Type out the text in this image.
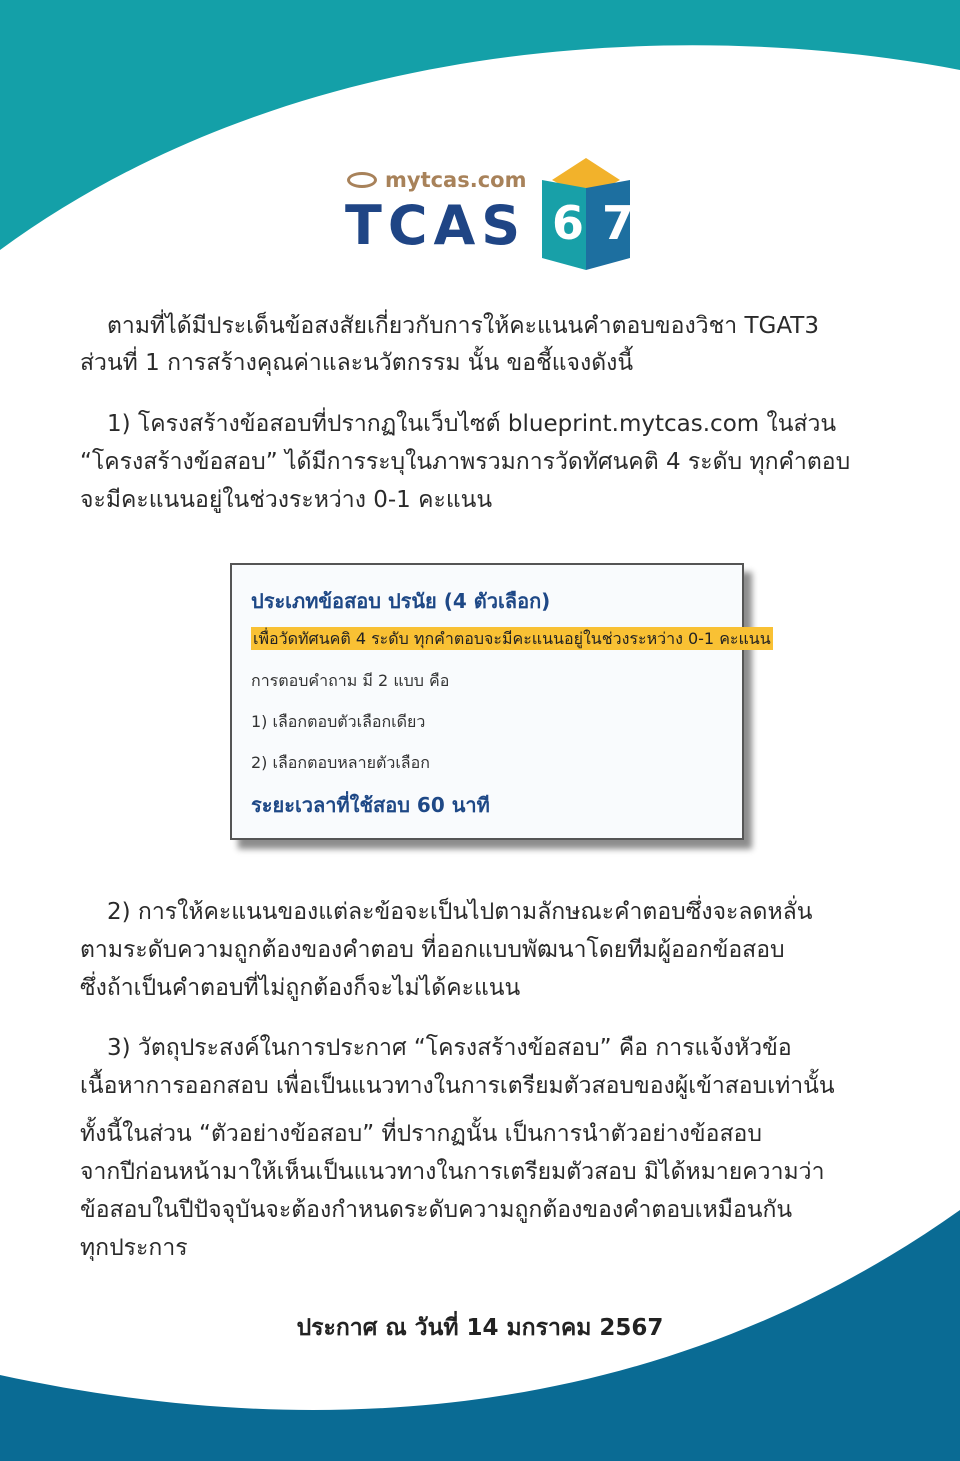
mytcas.com
TCAS 67
ตามที่ได้มีประเด็นข้อสงสัยเกี่ยวกับการให้คะแนนคำตอบของวิชา TGAT3
ส่วนที่ 1 การสร้างคุณค่าและนวัตกรรม นั้น ขอชี้แจงดังนี้
1) โครงสร้างข้อสอบที่ปรากฏในเว็บไซต์ blueprint.mytcas.com ในส่วน
“โครงสร้างข้อสอบ” ได้มีการระบุในภาพรวมการวัดทัศนคติ 4 ระดับ ทุกคำตอบ
จะมีคะแนนอยู่ในช่วงระหว่าง 0-1 คะแนน
ประเภทข้อสอบ ปรนัย (4 ตัวเลือก)
เพื่อวัดทัศนคติ 4 ระดับ ทุกคำตอบจะมีคะแนนอยู่ในช่วงระหว่าง 0-1 คะแนน
การตอบคำถาม มี 2 แบบ คือ
1) เลือกตอบตัวเลือกเดียว
2) เลือกตอบหลายตัวเลือก
ระยะเวลาที่ใช้สอบ 60 นาที
2) การให้คะแนนของแต่ละข้อจะเป็นไปตามลักษณะคำตอบซึ่งจะลดหลั่น
ตามระดับความถูกต้องของคำตอบ ที่ออกแบบพัฒนาโดยทีมผู้ออกข้อสอบ
ซึ่งถ้าเป็นคำตอบที่ไม่ถูกต้องก็จะไม่ได้คะแนน
3) วัตถุประสงค์ในการประกาศ “โครงสร้างข้อสอบ” คือ การแจ้งหัวข้อ
เนื้อหาการออกสอบ เพื่อเป็นแนวทางในการเตรียมตัวสอบของผู้เข้าสอบเท่านั้น
ทั้งนี้ในส่วน “ตัวอย่างข้อสอบ” ที่ปรากฏนั้น เป็นการนำตัวอย่างข้อสอบ
จากปีก่อนหน้ามาให้เห็นเป็นแนวทางในการเตรียมตัวสอบ มิได้หมายความว่า
ข้อสอบในปีปัจจุบันจะต้องกำหนดระดับความถูกต้องของคำตอบเหมือนกัน
ทุกประการ
ประกาศ ณ วันที่ 14 มกราคม 2567
